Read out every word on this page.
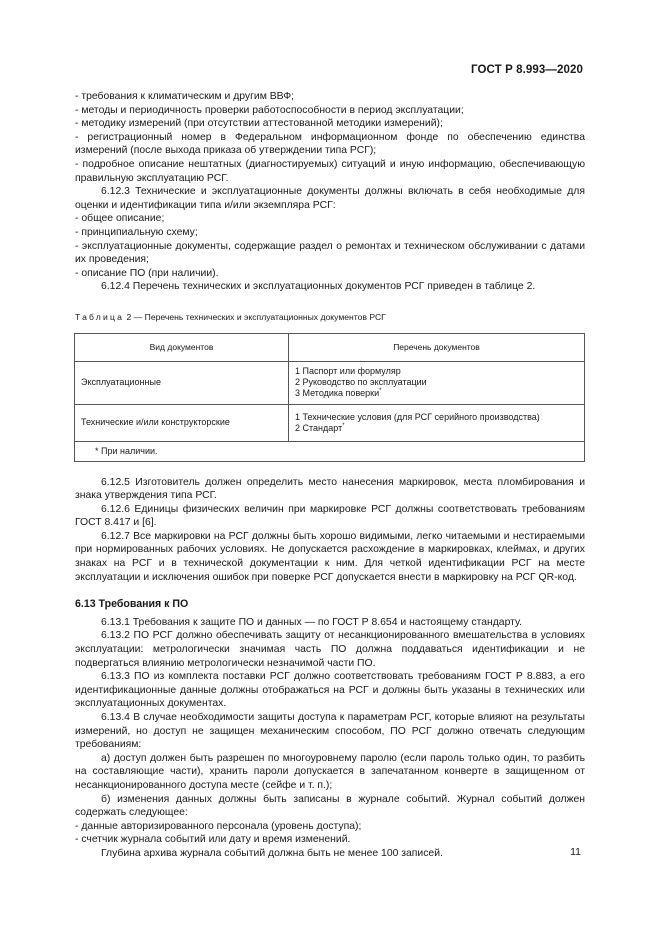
ГОСТ Р 8.993—2020

- требования к климатическим и другим ВВФ;

- методы и периодичность проверки работоспособности в период эксплуатации;

- методику измерений (при отсутствии аттестованной методики измерений);

- регистрационный номер в Федеральном информационном фонде по обеспечению единства измерений (после выхода приказа об утверждении типа РСГ);

- подробное описание нештатных (диагностируемых) ситуаций и иную информацию, обеспечивающую правильную эксплуатацию РСГ.

6.12.3 Технические и эксплуатационные документы должны включать в себя необходимые для оценки и идентификации типа и/или экземпляра РСГ:

- общее описание;

- принципиальную схему;

- эксплуатационные документы, содержащие раздел о ремонтах и техническом обслуживании с датами их проведения;

- описание ПО (при наличии).

6.12.4 Перечень технических и эксплуатационных документов РСГ приведен в таблице 2.

Таблица 2 — Перечень технических и эксплуатационных документов РСГ

Вид документов	Перечень документов
Эксплуатационные	1 Паспорт или формуляр
2 Руководство по эксплуатации
3 Методика поверки*

Технические и/или конструкторские	1 Технические условия (для РСГ серийного производства)
2 Стандарт*

* При наличии.	

6.12.5 Изготовитель должен определить место нанесения маркировок, места пломбирования и знака утверждения типа РСГ.

6.12.6 Единицы физических величин при маркировке РСГ должны соответствовать требованиям ГОСТ 8.417 и [6].

6.12.7 Все маркировки на РСГ должны быть хорошо видимыми, легко читаемыми и нестираемыми при нормированных рабочих условиях. Не допускается расхождение в маркировках, клеймах, и других знаках на РСГ и в технической документации к ним. Для четкой идентификации РСГ на месте эксплуатации и исключения ошибок при поверке РСГ допускается внести в маркировку на РСГ QR-код.

6.13 Требования к ПО

6.13.1 Требования к защите ПО и данных — по ГОСТ Р 8.654 и настоящему стандарту.

6.13.2 ПО РСГ должно обеспечивать защиту от несанкционированного вмешательства в условиях эксплуатации: метрологически значимая часть ПО должна поддаваться идентификации и не подвергаться влиянию метрологически незначимой части ПО.

6.13.3 ПО из комплекта поставки РСГ должно соответствовать требованиям ГОСТ Р 8.883, а его идентификационные данные должны отображаться на РСГ и должны быть указаны в технических или эксплуатационных документах.

6.13.4 В случае необходимости защиты доступа к параметрам РСГ, которые влияют на результаты измерений, но доступ не защищен механическим способом, ПО РСГ должно отвечать следующим требованиям:

а) доступ должен быть разрешен по многоуровнему паролю (если пароль только один, то разбить на составляющие части), хранить пароли допускается в запечатанном конверте в защищенном от несанкционированного доступа месте (сейфе и т. п.);

б) изменения данных должны быть записаны в журнале событий. Журнал событий должен содержать следующее:

- данные авторизированного персонала (уровень доступа);

- счетчик журнала событий или дату и время изменений.

Глубина архива журнала событий должна быть не менее 100 записей.	11
